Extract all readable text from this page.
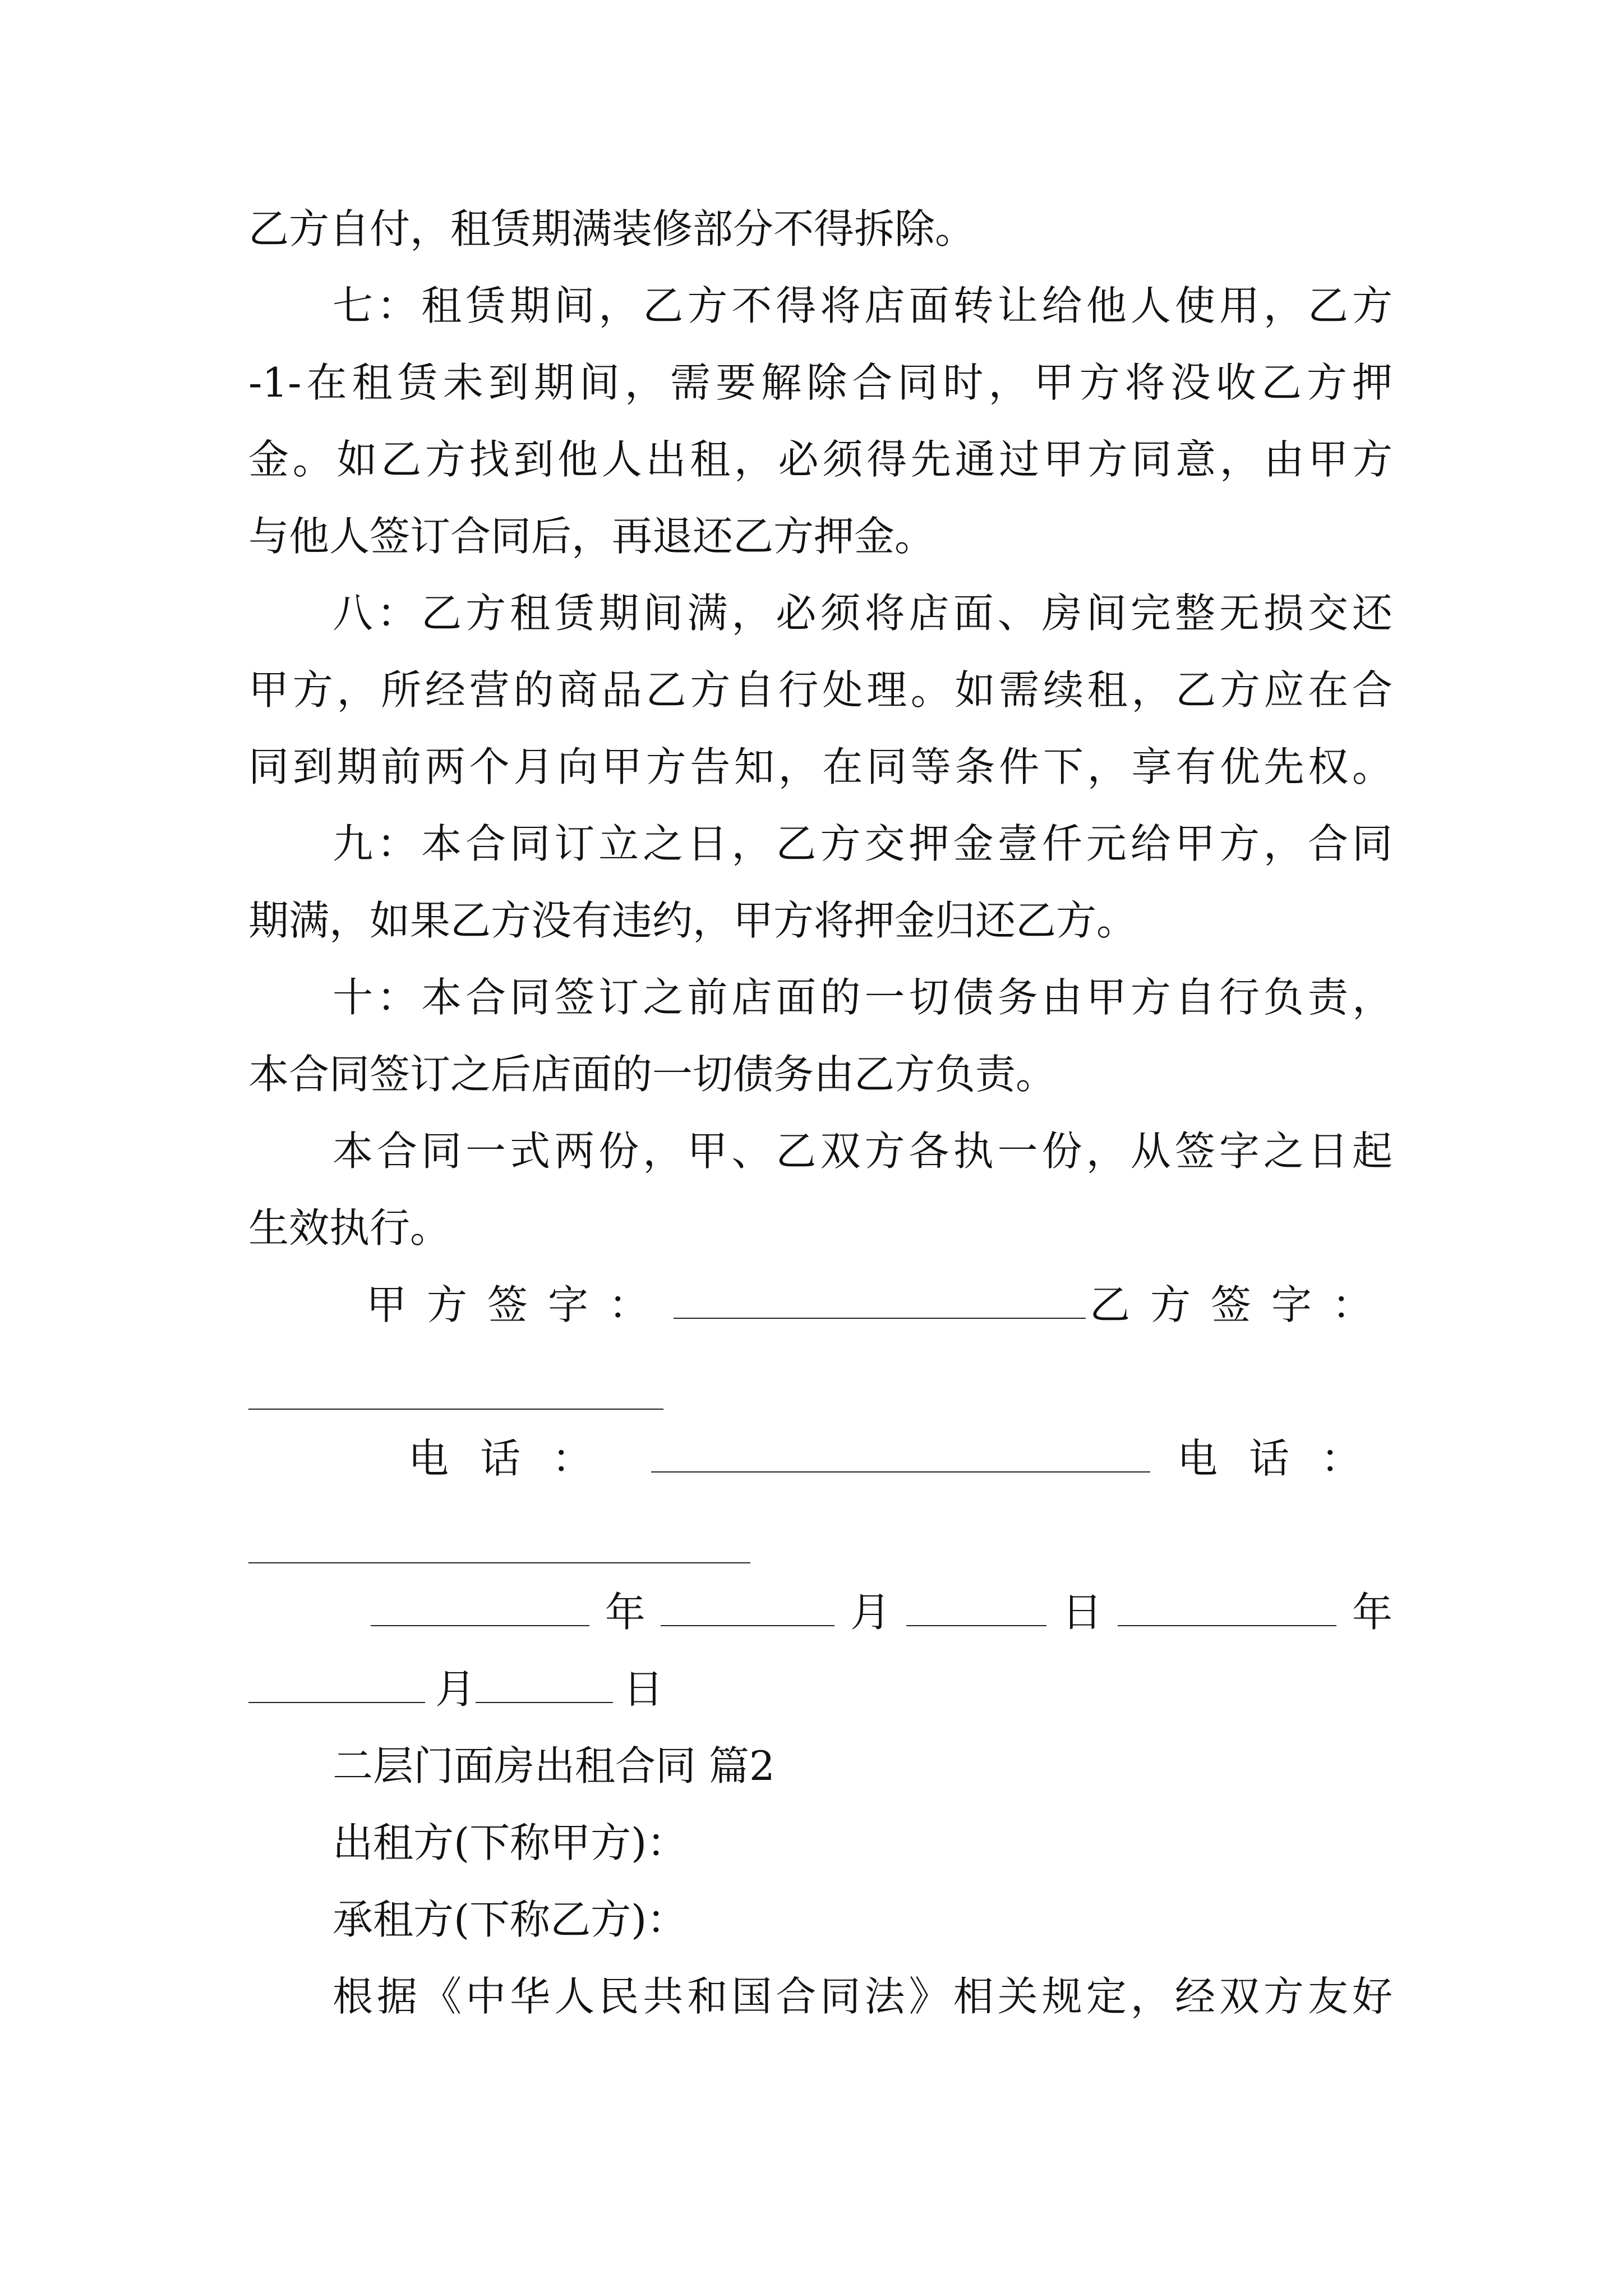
乙方自付，租赁期满装修部分不得拆除。
七：租赁期间，乙方不得将店面转让给他人使用，乙方
-1-在租赁未到期间，需要解除合同时，甲方将没收乙方押
金。如乙方找到他人出租，必须得先通过甲方同意，由甲方
与他人签订合同后，再退还乙方押金。
八：乙方租赁期间满，必须将店面、房间完整无损交还
甲方，所经营的商品乙方自行处理。如需续租，乙方应在合
同到期前两个月向甲方告知，在同等条件下，享有优先权。
九：本合同订立之日，乙方交押金壹仟元给甲方，合同
期满，如果乙方没有违约，甲方将押金归还乙方。
十：本合同签订之前店面的一切债务由甲方自行负责，
本合同签订之后店面的一切债务由乙方负责。
本合同一式两份，甲、乙双方各执一份，从签字之日起
生效执行。
甲方签字：	乙方签字：
电话：	电话：
年	月	日	年
月	日
二层门面房出租合同 篇2
出租方(下称甲方)：
承租方(下称乙方)：
根据《中华人民共和国合同法》相关规定，经双方友好
